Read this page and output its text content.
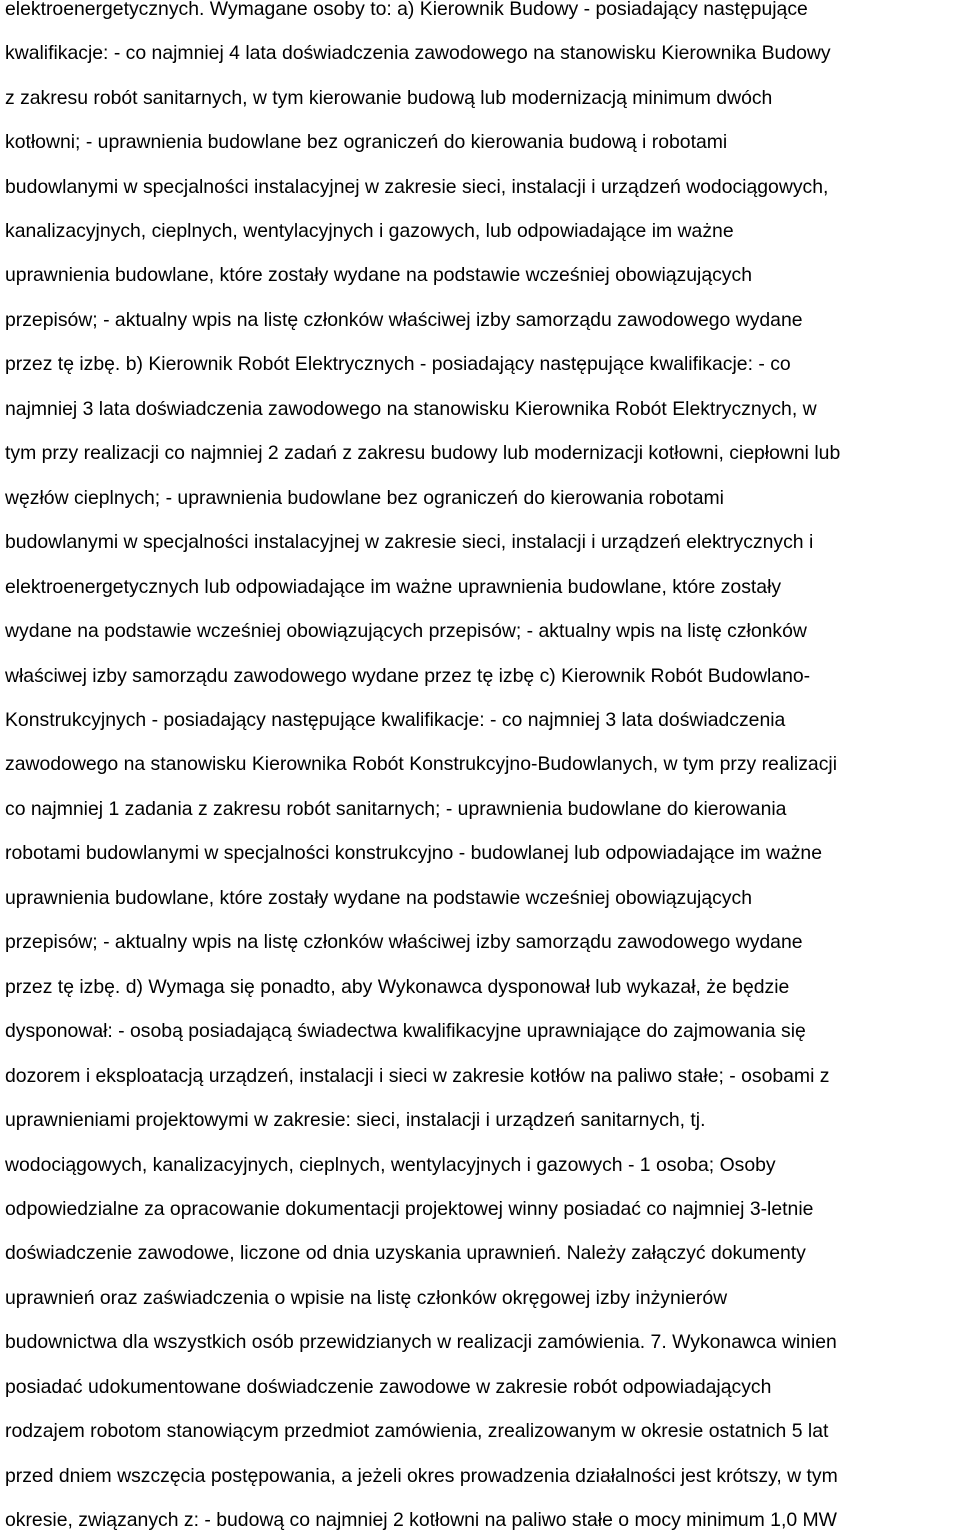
elektroenergetycznych. Wymagane osoby to: a) Kierownik Budowy - posiadający następujące
kwalifikacje: - co najmniej 4 lata doświadczenia zawodowego na stanowisku Kierownika Budowy
z zakresu robót sanitarnych, w tym kierowanie budową lub modernizacją minimum dwóch
kotłowni; - uprawnienia budowlane bez ograniczeń do kierowania budową i robotami
budowlanymi w specjalności instalacyjnej w zakresie sieci, instalacji i urządzeń wodociągowych,
kanalizacyjnych, cieplnych, wentylacyjnych i gazowych, lub odpowiadające im ważne
uprawnienia budowlane, które zostały wydane na podstawie wcześniej obowiązujących
przepisów; - aktualny wpis na listę członków właściwej izby samorządu zawodowego wydane
przez tę izbę. b) Kierownik Robót Elektrycznych - posiadający następujące kwalifikacje: - co
najmniej 3 lata doświadczenia zawodowego na stanowisku Kierownika Robót Elektrycznych, w
tym przy realizacji co najmniej 2 zadań z zakresu budowy lub modernizacji kotłowni, ciepłowni lub
węzłów cieplnych; - uprawnienia budowlane bez ograniczeń do kierowania robotami
budowlanymi w specjalności instalacyjnej w zakresie sieci, instalacji i urządzeń elektrycznych i
elektroenergetycznych lub odpowiadające im ważne uprawnienia budowlane, które zostały
wydane na podstawie wcześniej obowiązujących przepisów; - aktualny wpis na listę członków
właściwej izby samorządu zawodowego wydane przez tę izbę c) Kierownik Robót Budowlano-
Konstrukcyjnych - posiadający następujące kwalifikacje: - co najmniej 3 lata doświadczenia
zawodowego na stanowisku Kierownika Robót Konstrukcyjno-Budowlanych, w tym przy realizacji
co najmniej 1 zadania z zakresu robót sanitarnych; - uprawnienia budowlane do kierowania
robotami budowlanymi w specjalności konstrukcyjno - budowlanej lub odpowiadające im ważne
uprawnienia budowlane, które zostały wydane na podstawie wcześniej obowiązujących
przepisów; - aktualny wpis na listę członków właściwej izby samorządu zawodowego wydane
przez tę izbę. d) Wymaga się ponadto, aby Wykonawca dysponował lub wykazał, że będzie
dysponował: - osobą posiadającą świadectwa kwalifikacyjne uprawniające do zajmowania się
dozorem i eksploatacją urządzeń, instalacji i sieci w zakresie kotłów na paliwo stałe; - osobami z
uprawnieniami projektowymi w zakresie: sieci, instalacji i urządzeń sanitarnych, tj.
wodociągowych, kanalizacyjnych, cieplnych, wentylacyjnych i gazowych - 1 osoba; Osoby
odpowiedzialne za opracowanie dokumentacji projektowej winny posiadać co najmniej 3-letnie
doświadczenie zawodowe, liczone od dnia uzyskania uprawnień. Należy załączyć dokumenty
uprawnień oraz zaświadczenia o wpisie na listę członków okręgowej izby inżynierów
budownictwa dla wszystkich osób przewidzianych w realizacji zamówienia. 7. Wykonawca winien
posiadać udokumentowane doświadczenie zawodowe w zakresie robót odpowiadających
rodzajem robotom stanowiącym przedmiot zamówienia, zrealizowanym w okresie ostatnich 5 lat
przed dniem wszczęcia postępowania, a jeżeli okres prowadzenia działalności jest krótszy, w tym
okresie, związanych z: - budową co najmniej 2 kotłowni na paliwo stałe o mocy minimum 1,0 MW
